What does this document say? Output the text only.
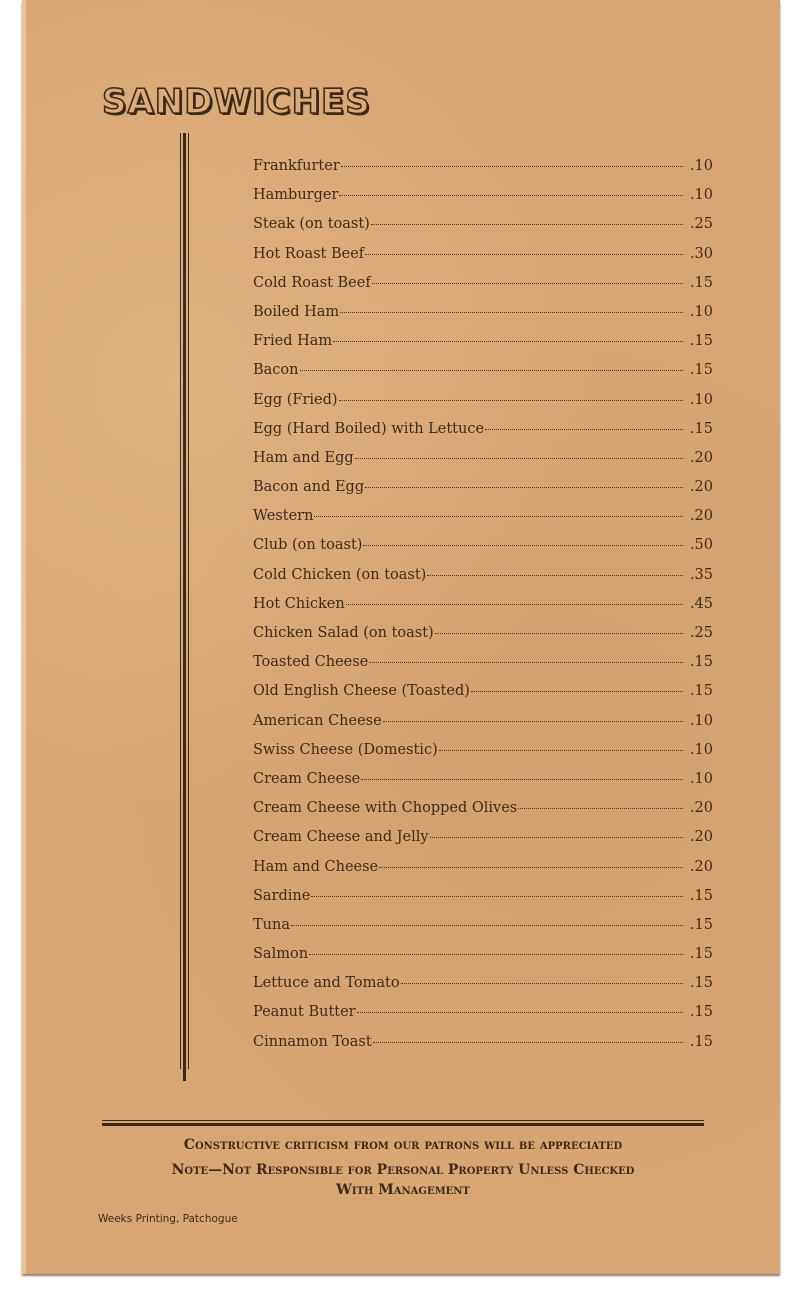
SANDWICHES
Frankfurter	.10
Hamburger	.10
Steak (on toast)	.25
Hot Roast Beef	.30
Cold Roast Beef	.15
Boiled Ham	.10
Fried Ham	.15
Bacon	.15
Egg (Fried)	.10
Egg (Hard Boiled) with Lettuce	.15
Ham and Egg	.20
Bacon and Egg	.20
Western	.20
Club (on toast)	.50
Cold Chicken (on toast)	.35
Hot Chicken	.45
Chicken Salad (on toast)	.25
Toasted Cheese	.15
Old English Cheese (Toasted)	.15
American Cheese	.10
Swiss Cheese (Domestic)	.10
Cream Cheese	.10
Cream Cheese with Chopped Olives	.20
Cream Cheese and Jelly	.20
Ham and Cheese	.20
Sardine	.15
Tuna	.15
Salmon	.15
Lettuce and Tomato	.15
Peanut Butter	.15
Cinnamon Toast	.15

Constructive criticism from our patrons will be appreciated

Note—Not Responsible for Personal Property Unless Checked
With Management

Weeks Printing, Patchogue
